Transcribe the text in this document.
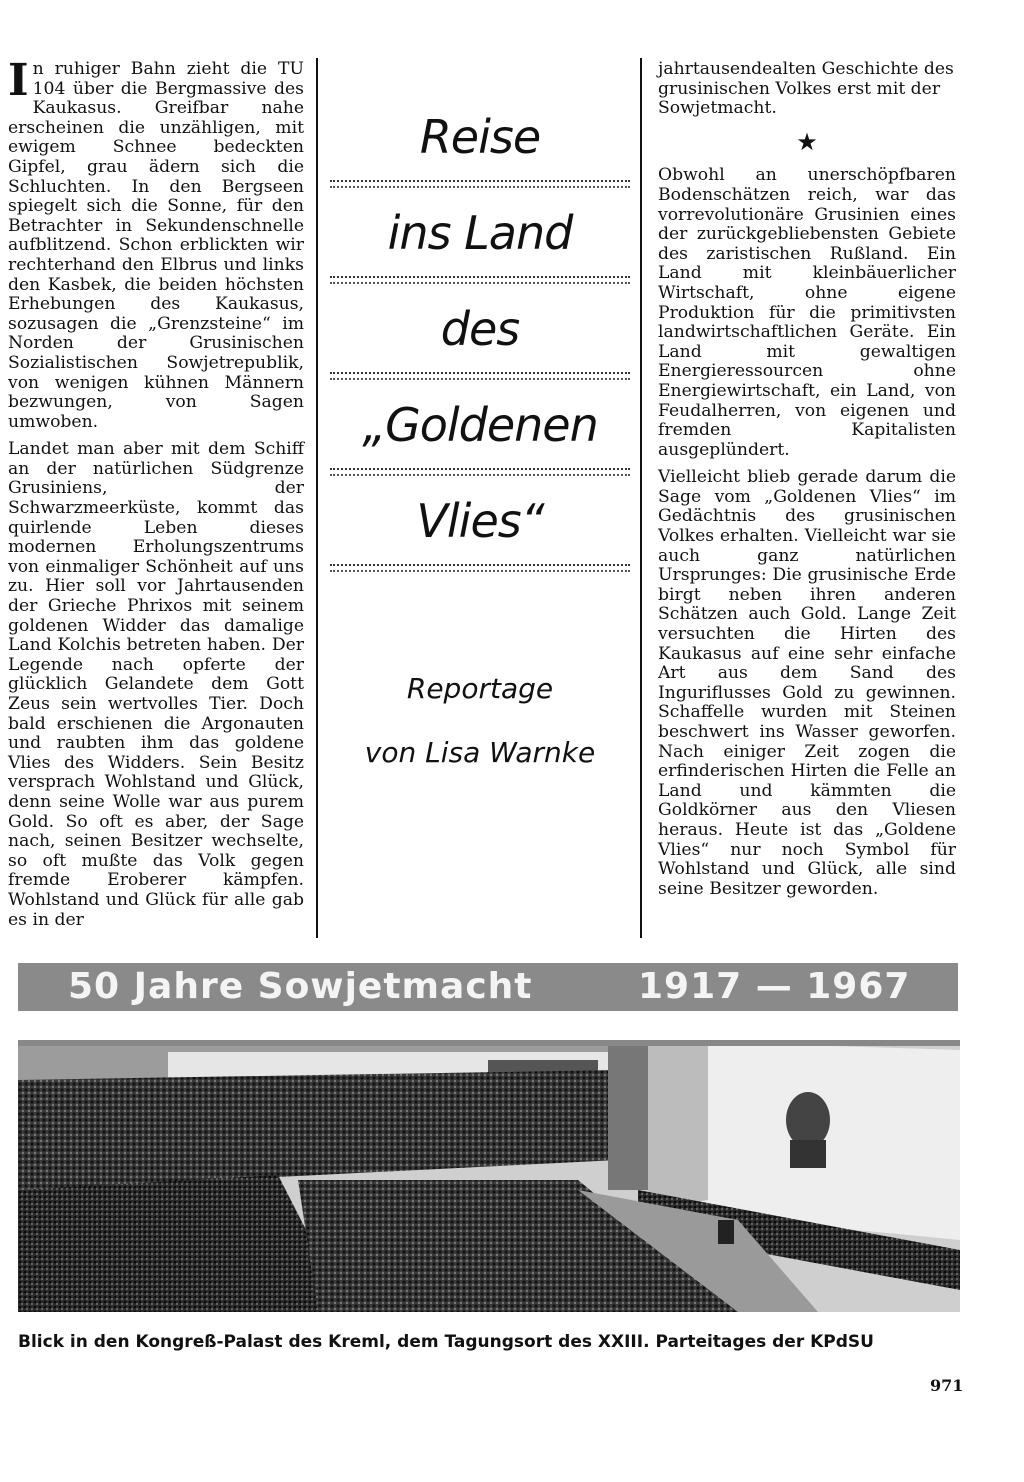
In ruhiger Bahn zieht die TU 104 über die Bergmassive des Kaukasus. Greifbar nahe erscheinen die unzähligen, mit ewigem Schnee bedeckten Gipfel, grau ädern sich die Schluchten. In den Bergseen spiegelt sich die Sonne, für den Betrachter in Sekundenschnelle aufblitzend. Schon erblickten wir rechterhand den Elbrus und links den Kasbek, die beiden höchsten Erhebungen des Kaukasus, sozusagen die „Grenzsteine“ im Norden der Grusinischen Sozialistischen Sowjetrepublik, von wenigen kühnen Männern bezwungen, von Sagen umwoben.

Landet man aber mit dem Schiff an der natürlichen Südgrenze Grusiniens, der Schwarzmeerküste, kommt das quirlende Leben dieses modernen Erholungszentrums von einmaliger Schönheit auf uns zu. Hier soll vor Jahrtausenden der Grieche Phrixos mit seinem goldenen Widder das damalige Land Kolchis betreten haben. Der Legende nach opferte der glücklich Gelandete dem Gott Zeus sein wertvolles Tier. Doch bald erschienen die Argonauten und raubten ihm das goldene Vlies des Widders. Sein Besitz versprach Wohlstand und Glück, denn seine Wolle war aus purem Gold. So oft es aber, der Sage nach, seinen Besitzer wechselte, so oft mußte das Volk gegen fremde Eroberer kämpfen. Wohlstand und Glück für alle gab es in der

Reise
ins Land
des
„Goldenen
Vlies“
Reportage
von Lisa Warnke

jahrtausendealten Geschichte des grusinischen Volkes erst mit der Sowjetmacht.

★

Obwohl an unerschöpfbaren Bodenschätzen reich, war das vorrevolutionäre Grusinien eines der zurückgebliebensten Gebiete des zaristischen Rußland. Ein Land mit kleinbäuerlicher Wirtschaft, ohne eigene Produktion für die primitivsten landwirtschaftlichen Geräte. Ein Land mit gewaltigen Energieressourcen ohne Energiewirtschaft, ein Land, von Feudalherren, von eigenen und fremden Kapitalisten ausgeplündert.

Vielleicht blieb gerade darum die Sage vom „Goldenen Vlies“ im Gedächtnis des grusinischen Volkes erhalten. Vielleicht war sie auch ganz natürlichen Ursprunges: Die grusinische Erde birgt neben ihren anderen Schätzen auch Gold. Lange Zeit versuchten die Hirten des Kaukasus auf eine sehr einfache Art aus dem Sand des Inguriflusses Gold zu gewinnen. Schaffelle wurden mit Steinen beschwert ins Wasser geworfen. Nach einiger Zeit zogen die erfinderischen Hirten die Felle an Land und kämmten die Goldkörner aus den Vliesen heraus. Heute ist das „Goldene Vlies“ nur noch Symbol für Wohlstand und Glück, alle sind seine Besitzer geworden.

50 Jahre Sowjetmacht	1917 — 1967
Blick in den Kongreß-Palast des Kreml, dem Tagungsort des XXIII. Parteitages der KPdSU
971
